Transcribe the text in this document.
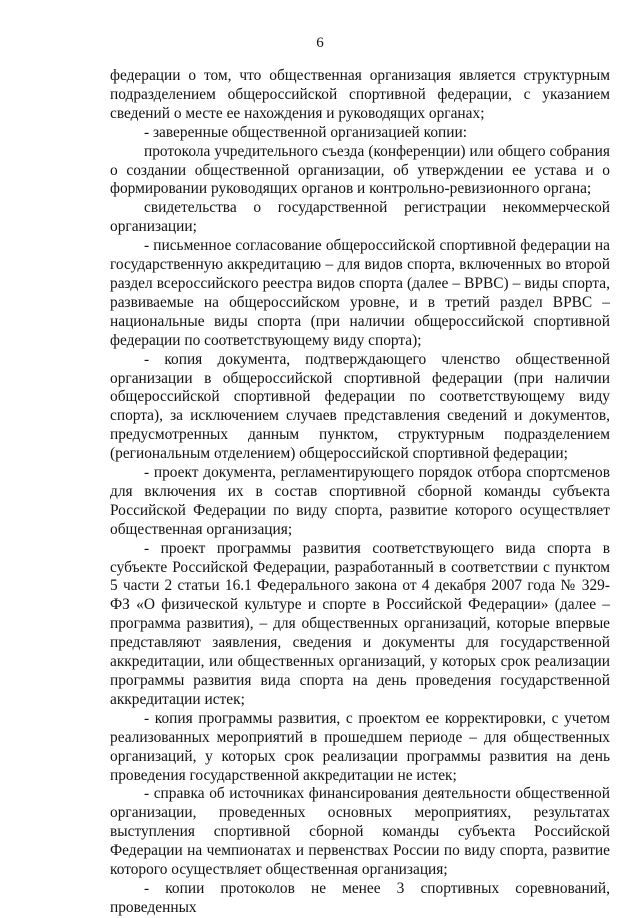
6

федерации о том, что общественная организация является структурным подразделением общероссийской спортивной федерации, с указанием сведений о месте ее нахождения и руководящих органах;

- заверенные общественной организацией копии:

протокола учредительного съезда (конференции) или общего собрания о создании общественной организации, об утверждении ее устава и о формировании руководящих органов и контрольно-ревизионного органа;

свидетельства о государственной регистрации некоммерческой организации;

- письменное согласование общероссийской спортивной федерации на государственную аккредитацию – для видов спорта, включенных во второй раздел всероссийского реестра видов спорта (далее – ВРВС) – виды спорта, развиваемые на общероссийском уровне, и в третий раздел ВРВС – национальные виды спорта (при наличии общероссийской спортивной федерации по соответствующему виду спорта);

- копия документа, подтверждающего членство общественной организации в общероссийской спортивной федерации (при наличии общероссийской спортивной федерации по соответствующему виду спорта), за исключением случаев представления сведений и документов, предусмотренных данным пунктом, структурным подразделением (региональным отделением) общероссийской спортивной федерации;

- проект документа, регламентирующего порядок отбора спортсменов для включения их в состав спортивной сборной команды субъекта Российской Федерации по виду спорта, развитие которого осуществляет общественная организация;

- проект программы развития соответствующего вида спорта в субъекте Российской Федерации, разработанный в соответствии с пунктом 5 части 2 статьи 16.1 Федерального закона от 4 декабря 2007 года № 329-ФЗ «О физической культуре и спорте в Российской Федерации» (далее – программа развития), – для общественных организаций, которые впервые представляют заявления, сведения и документы для государственной аккредитации, или общественных организаций, у которых срок реализации программы развития вида спорта на день проведения государственной аккредитации истек;

- копия программы развития, с проектом ее корректировки, с учетом реализованных мероприятий в прошедшем периоде – для общественных организаций, у которых срок реализации программы развития на день проведения государственной аккредитации не истек;

- справка об источниках финансирования деятельности общественной организации, проведенных основных мероприятиях, результатах выступления спортивной сборной команды субъекта Российской Федерации на чемпионатах и первенствах России по виду спорта, развитие которого осуществляет общественная организация;

- копии протоколов не менее 3 спортивных соревнований, проведенных
